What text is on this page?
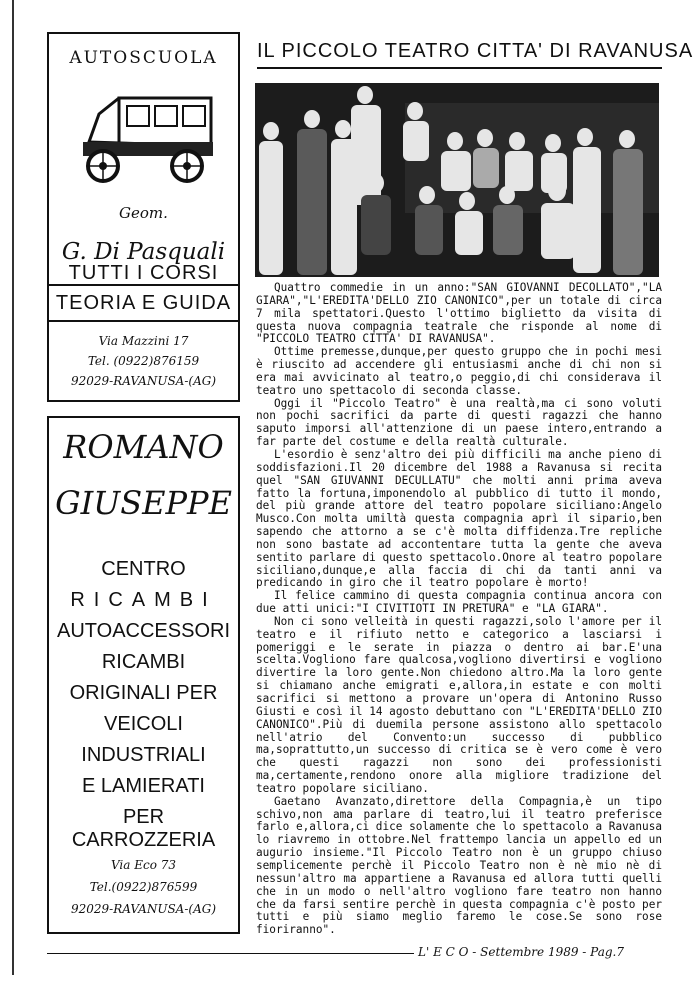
AUTOSCUOLA
Geom.
G. Di Pasquali
TUTTI I CORSI
TEORIA E GUIDA
Via Mazzini 17
Tel. (0922)876159
92029-RAVANUSA-(AG)
ROMANO
GIUSEPPE
CENTRO
RICAMBI
AUTOACCESSORI
RICAMBI
ORIGINALI PER
VEICOLI
INDUSTRIALI
E LAMIERATI
PER CARROZZERIA
Via Eco 73
Tel.(0922)876599
92029-RAVANUSA-(AG)
IL PICCOLO TEATRO CITTA' DI RAVANUSA

Quattro commedie in un anno:"SAN GIOVANNI DECOLLATO","LA GIARA","L'EREDITA'DELLO ZIO CANONICO",per un totale di circa 7 mila spettatori.Questo l'ottimo biglietto da visita di questa nuova compagnia teatrale che risponde al nome di "PICCOLO TEATRO CITTA' DI RAVANUSA".

Ottime premesse,dunque,per questo gruppo che in pochi mesi è riuscito ad accendere gli entusiasmi anche di chi non si era mai avvicinato al teatro,o peggio,di chi considerava il teatro uno spettacolo di seconda classe.

Oggi il "Piccolo Teatro" è una realtà,ma ci sono voluti non pochi sacrifici da parte di questi ragazzi che hanno saputo imporsi all'attenzione di un paese intero,entrando a far parte del costume e della realtà culturale.

L'esordio è senz'altro dei più difficili ma anche pieno di soddisfazioni.Il 20 dicembre del 1988 a Ravanusa si recita quel "SAN GIUVANNI DECULLATU" che molti anni prima aveva fatto la fortuna,imponendolo al pubblico di tutto il mondo, del più grande attore del teatro popolare siciliano:Angelo Musco.Con molta umiltà questa compagnia aprì il sipario,ben sapendo che attorno a se c'è molta diffidenza.Tre repliche non sono bastate ad accontentare tutta la gente che aveva sentito parlare di questo spettacolo.Onore al teatro popolare siciliano,dunque,e alla faccia di chi da tanti anni va predicando in giro che il teatro popolare è morto!

Il felice cammino di questa compagnia continua ancora con due atti unici:"I CIVITIOTI IN PRETURA" e "LA GIARA".

Non ci sono velleità in questi ragazzi,solo l'amore per il teatro e il rifiuto netto e categorico a lasciarsi i pomeriggi e le serate in piazza o dentro ai bar.E'una scelta.Vogliono fare qualcosa,vogliono divertirsi e vogliono divertire la loro gente.Non chiedono altro.Ma la loro gente si chiamano anche emigrati e,allora,in estate e con molti sacrifici si mettono a provare un'opera di Antonino Russo Giusti e così il 14 agosto debuttano con "L'EREDITA'DELLO ZIO CANONICO".Più di duemila persone assistono allo spettacolo nell'atrio del Convento:un successo di pubblico ma,soprattutto,un successo di critica se è vero come è vero che questi ragazzi non sono dei professionisti ma,certamente,rendono onore alla migliore tradizione del teatro popolare siciliano.

Gaetano Avanzato,direttore della Compagnia,è un tipo schivo,non ama parlare di teatro,lui il teatro preferisce farlo e,allora,ci dice solamente che lo spettacolo a Ravanusa lo riavremo in ottobre.Nel frattempo lancia un appello ed un augurio insieme."Il Piccolo Teatro non è un gruppo chiuso semplicemente perchè il Piccolo Teatro non è nè mio nè di nessun'altro ma appartiene a Ravanusa ed allora tutti quelli che in un modo o nell'altro vogliono fare teatro non hanno che da farsi sentire perchè in questa compagnia c'è posto per tutti e più siamo meglio faremo le cose.Se sono rose fioriranno".

L' E C O - Settembre 1989 - Pag.7
